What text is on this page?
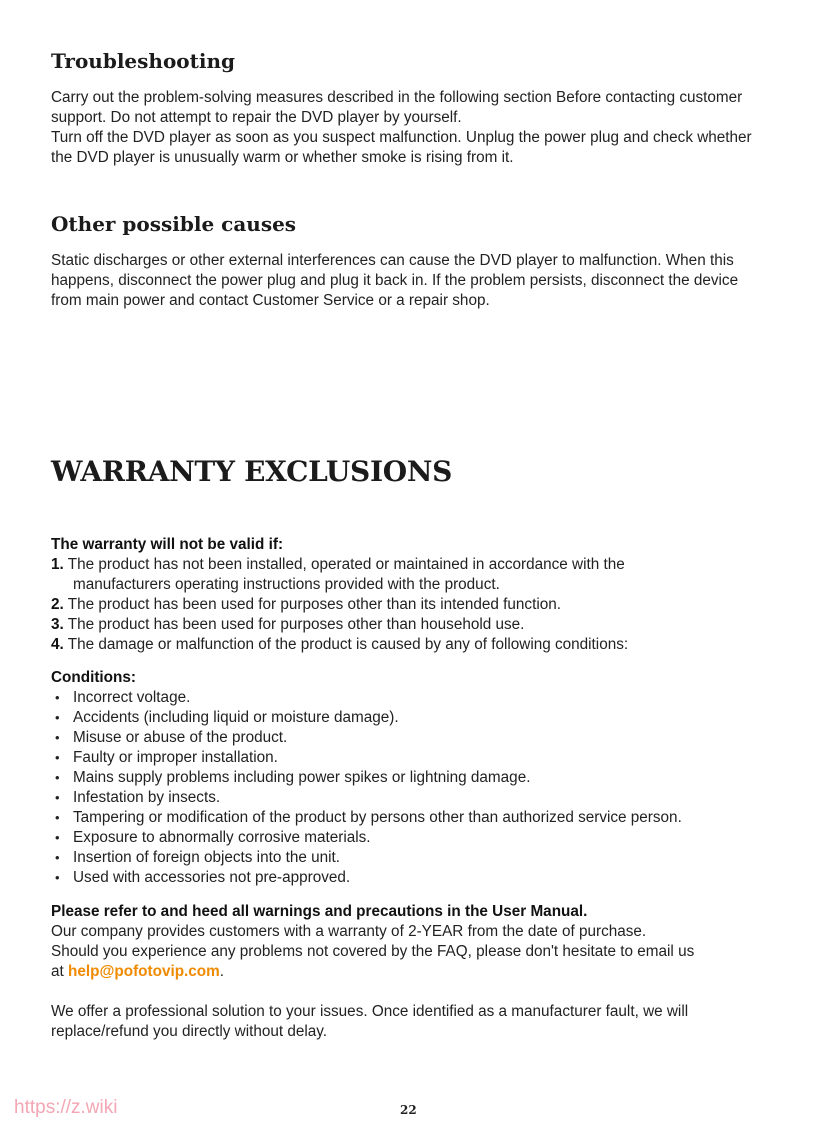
Troubleshooting

Carry out the problem-solving measures described in the following section Before contacting customer support. Do not attempt to repair the DVD player by yourself.

Turn off the DVD player as soon as you suspect malfunction. Unplug the power plug and check whether the DVD player is unusually warm or whether smoke is rising from it.

Other possible causes

Static discharges or other external interferences can cause the DVD player to malfunction. When this happens, disconnect the power plug and plug it back in. If the problem persists, disconnect the device from main power and contact Customer Service or a repair shop.

WARRANTY EXCLUSIONS
The warranty will not be valid if:
1. The product has not been installed, operated or maintained in accordance with the
manufacturers operating instructions provided with the product.
2. The product has been used for purposes other than its intended function.
3. The product has been used for purposes other than household use.
4. The damage or malfunction of the product is caused by any of following conditions:
Conditions:
• Incorrect voltage.
• Accidents (including liquid or moisture damage).
• Misuse or abuse of the product.
• Faulty or improper installation.
• Mains supply problems including power spikes or lightning damage.
• Infestation by insects.
• Tampering or modification of the product by persons other than authorized service person.
• Exposure to abnormally corrosive materials.
• Insertion of foreign objects into the unit.
• Used with accessories not pre-approved.

Please refer to and heed all warnings and precautions in the User Manual.

Our company provides customers with a warranty of 2-YEAR from the date of purchase.

Should you experience any problems not covered by the FAQ, please don't hesitate to email us

at help@pofotovip.com.

We offer a professional solution to your issues. Once identified as a manufacturer fault, we will replace/refund you directly without delay.

https://z.wiki	22
